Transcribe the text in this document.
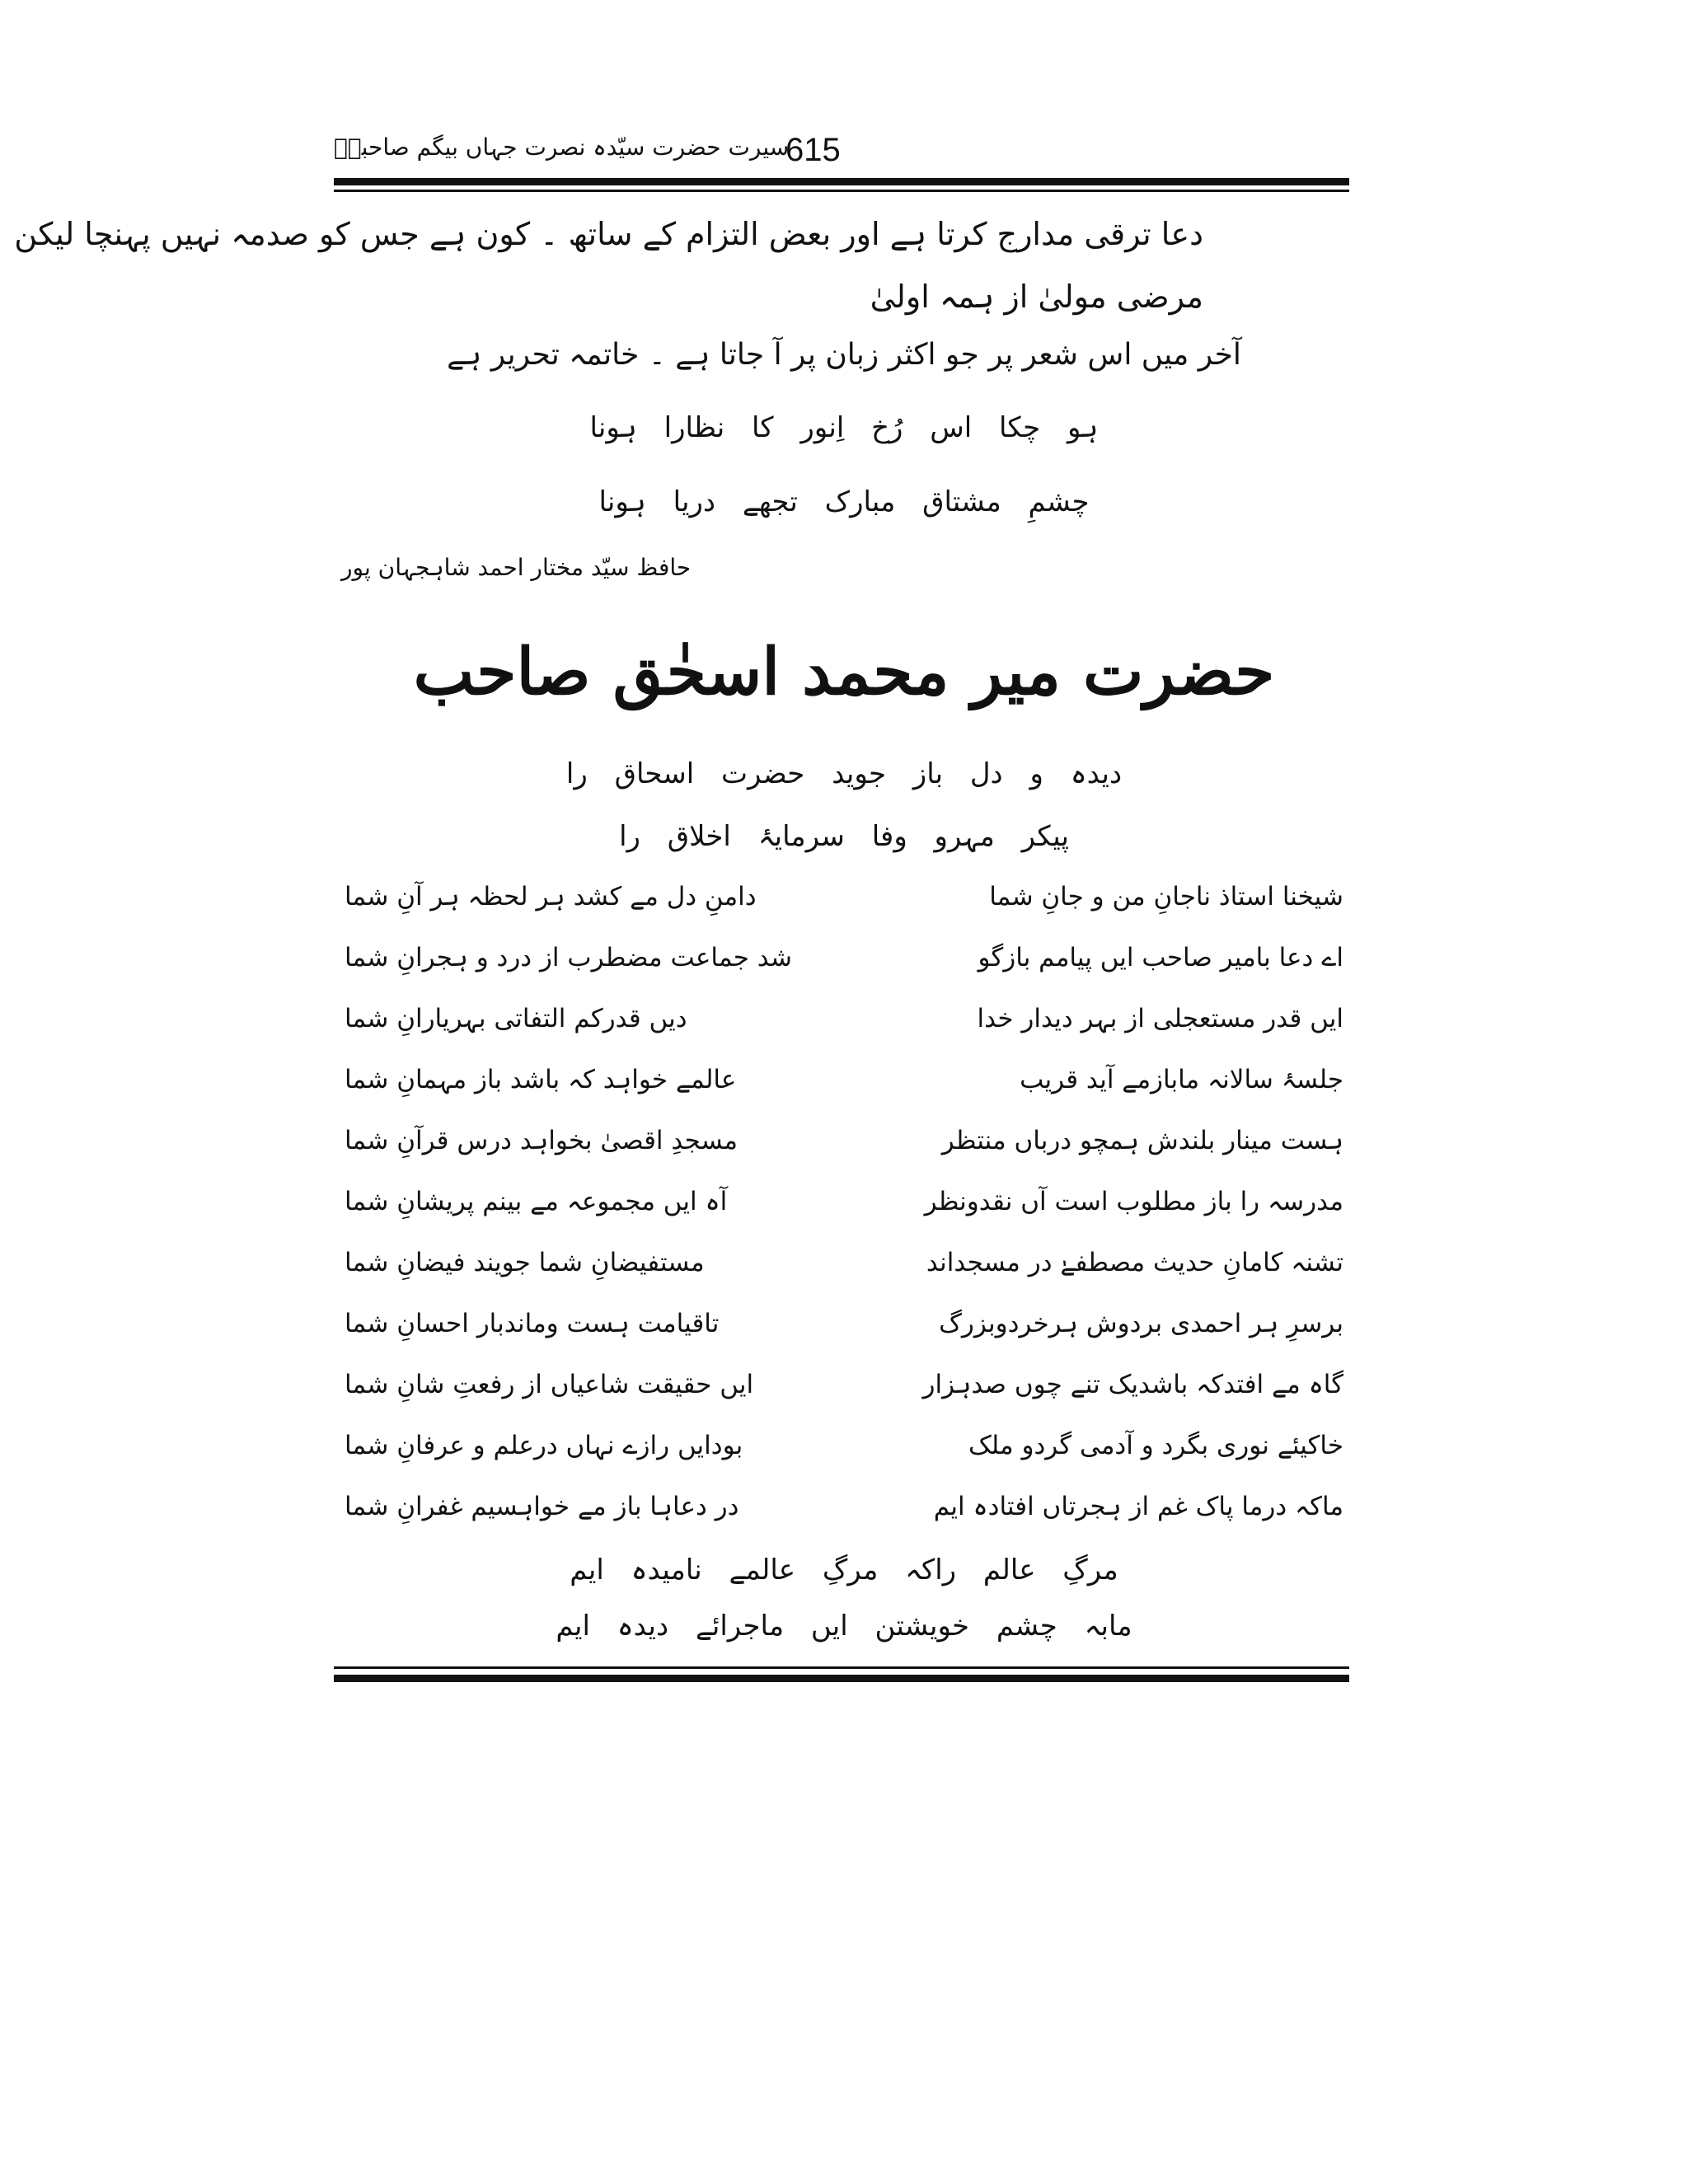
سیرت حضرت سیّدہ نصرت جہاں بیگم صاحبہؓ
615
دعا ترقی مدارج کرتا ہے اور بعض التزام کے ساتھ ۔ کون ہے جس کو صدمہ نہیں پہنچا لیکن
مرضی مولیٰ از ہمہ اولیٰ
آخر میں اس شعر پر جو اکثر زبان پر آ جاتا ہے ۔ خاتمہ تحریر ہے
ہو چکا اس رُخ اِنور کا نظارا ہونا
چشمِ مشتاق مبارک تجھے دریا ہونا
حافظ سیّد مختار احمد شاہجہان پور
حضرت میر محمد اسحٰق صاحب
دیدہ و دل باز جوید حضرت اسحاق را
پیکر مہرو وفا سرمایۂ اخلاق را
شیخنا استاذ ناجانِ من و جانِ شما
دامنِ دل مے کشد ہر لحظہ ہر آنِ شما
اے دعا بامیر صاحب ایں پیامم بازگو
شد جماعت مضطرب از درد و ہجرانِ شما
ایں قدر مستعجلی از بہر دیدار خدا
دیں قدرکم التفاتی بہریارانِ شما
جلسۂ سالانہ مابازمے آید قریب
عالمے خواہد کہ باشد باز مہمانِ شما
ہست مینار بلندش ہمچو درباں منتظر
مسجدِ اقصیٰ بخواہد درس قرآنِ شما
مدرسہ را باز مطلوب است آں نقدونظر
آہ ایں مجموعہ مے بینم پریشانِ شما
تشنہ کامانِ حدیث مصطفےٰ در مسجداند
مستفیضانِ شما جویند فیضانِ شما
برسرِ ہر احمدی بردوش ہرخردوبزرگ
تاقیامت ہست وماندبار احسانِ شما
گاہ مے افتدکہ باشدیک تنے چوں صدہزار
ایں حقیقت شاعیاں از رفعتِ شانِ شما
خاکیئے نوری بگرد و آدمی گردو ملک
بودایں رازے نہاں درعلم و عرفانِ شما
ماکہ درما پاک غم از ہجرتاں افتادہ ایم
در دعاہا باز مے خواہسیم غفرانِ شما
مرگِ عالم راکہ مرگِ عالمے نامیدہ ایم
مابہ چشم خویشتن ایں ماجرائے دیدہ ایم
